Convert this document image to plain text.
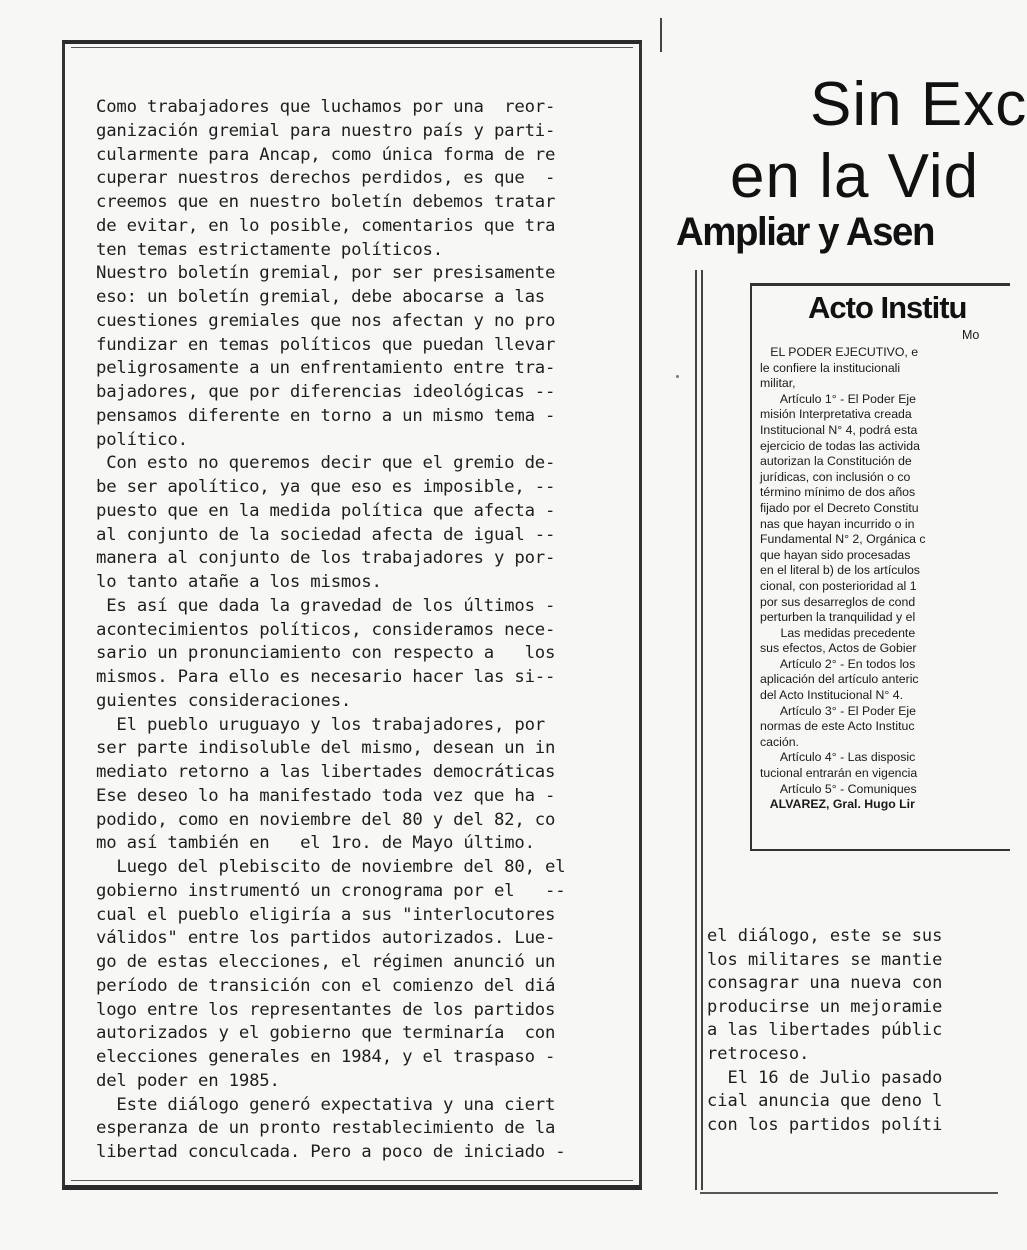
Como trabajadores que luchamos por una  reor-
ganización gremial para nuestro país y parti-
cularmente para Ancap, como única forma de re
cuperar nuestros derechos perdidos, es que  -
creemos que en nuestro boletín debemos tratar
de evitar, en lo posible, comentarios que tra
ten temas estrictamente políticos.
Nuestro boletín gremial, por ser presisamente
eso: un boletín gremial, debe abocarse a las
cuestiones gremiales que nos afectan y no pro
fundizar en temas políticos que puedan llevar
peligrosamente a un enfrentamiento entre tra-
bajadores, que por diferencias ideológicas --
pensamos diferente en torno a un mismo tema -
político.
Con esto no queremos decir que el gremio de-
be ser apolítico, ya que eso es imposible, --
puesto que en la medida política que afecta -
al conjunto de la sociedad afecta de igual --
manera al conjunto de los trabajadores y por-
lo tanto atañe a los mismos.
Es así que dada la gravedad de los últimos -
acontecimientos políticos, consideramos nece-
sario un pronunciamiento con respecto a   los
mismos. Para ello es necesario hacer las si--
guientes consideraciones.
El pueblo uruguayo y los trabajadores, por
ser parte indisoluble del mismo, desean un in
mediato retorno a las libertades democráticas
Ese deseo lo ha manifestado toda vez que ha -
podido, como en noviembre del 80 y del 82, co
mo así también en   el 1ro. de Mayo último.
Luego del plebiscito de noviembre del 80, el
gobierno instrumentó un cronograma por el   --
cual el pueblo eligiría a sus "interlocutores
válidos" entre los partidos autorizados. Lue-
go de estas elecciones, el régimen anunció un
período de transición con el comienzo del diá
logo entre los representantes de los partidos
autorizados y el gobierno que terminaría  con
elecciones generales en 1984, y el traspaso -
del poder en 1985.
Este diálogo generó expectativa y una ciert
esperanza de un pronto restablecimiento de la
libertad conculcada. Pero a poco de iniciado -
Sin Exc
en la Vid
Ampliar y Asen
Acto Institu
Mo
EL PODER EJECUTIVO, e
le confiere la institucionali
militar,
Artículo 1° - El Poder Eje
misión Interpretativa creada
Institucional N° 4, podrá esta
ejercicio de todas las activida
autorizan la Constitución de
jurídicas, con inclusión o co
término mínimo de dos años
fijado por el Decreto Constitu
nas que hayan incurrido o in
Fundamental N° 2, Orgánica c
que hayan sido procesadas
en el literal b) de los artículos
cional, con posterioridad al 1
por sus desarreglos de cond
perturben la tranquilidad y el
Las medidas precedente
sus efectos, Actos de Gobier
Artículo 2° - En todos los
aplicación del artículo anteric
del Acto Institucional N° 4.
Artículo 3° - El Poder Eje
normas de este Acto Instituc
cación.
Artículo 4° - Las disposic
tucional entrarán en vigencia
Artículo 5° - Comuniques
ALVAREZ, Gral. Hugo Lir
el diálogo, este se sus
los militares se mantie
consagrar una nueva con
producirse un mejoramie
a las libertades públic
retroceso.
El 16 de Julio pasado
cial anuncia que deno l
con los partidos políti
